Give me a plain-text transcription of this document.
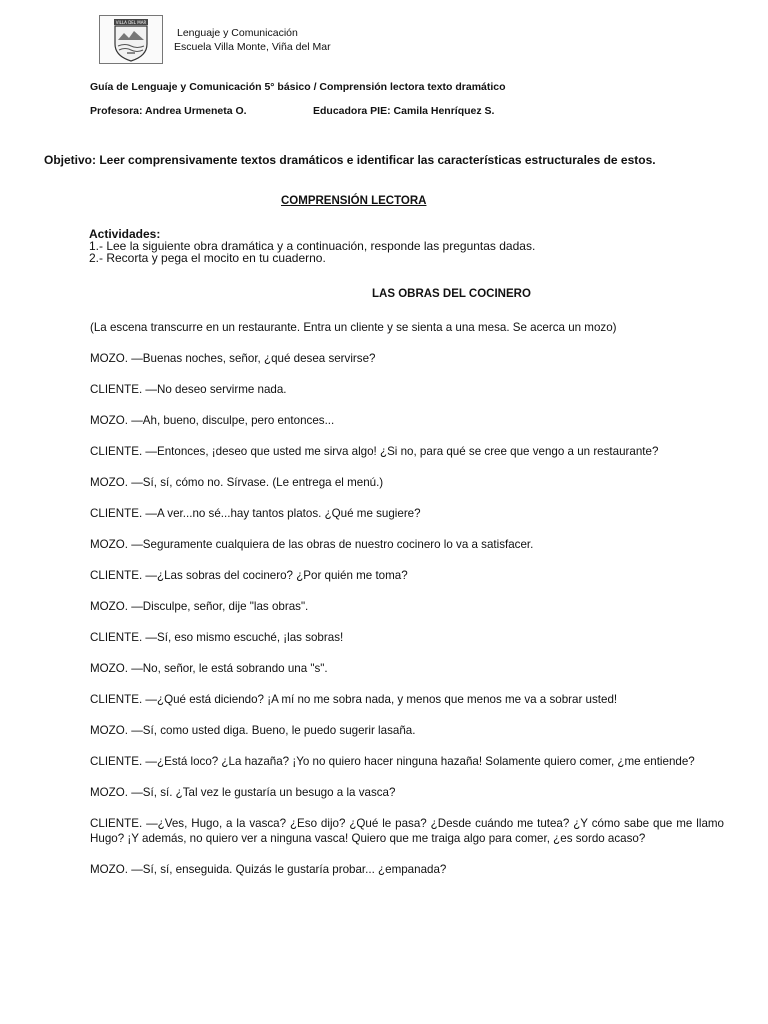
VILLA DEL MAR
Lenguaje y Comunicación
Escuela Villa Monte, Viña del Mar
Guía de Lenguaje y Comunicación 5° básico / Comprensión lectora texto dramático
Profesora: Andrea Urmeneta O.	Educadora PIE: Camila Henríquez S.
Objetivo: Leer comprensivamente textos dramáticos e identificar las características estructurales de estos.
COMPRENSIÓN LECTORA
Actividades:
1.- Lee la siguiente obra dramática y a continuación, responde las preguntas dadas.
2.- Recorta y pega el mocito en tu cuaderno.
LAS OBRAS DEL COCINERO

(La escena transcurre en un restaurante. Entra un cliente y se sienta a una mesa. Se acerca un mozo)

MOZO. —Buenas noches, señor, ¿qué desea servirse?

CLIENTE. —No deseo servirme nada.

MOZO. —Ah, bueno, disculpe, pero entonces...

CLIENTE. —Entonces, ¡deseo que usted me sirva algo! ¿Si no, para qué se cree que vengo a un restaurante?

MOZO. —Sí, sí, cómo no. Sírvase. (Le entrega el menú.)

CLIENTE. —A ver...no sé...hay tantos platos. ¿Qué me sugiere?

MOZO. —Seguramente cualquiera de las obras de nuestro cocinero lo va a satisfacer.

CLIENTE. —¿Las sobras del cocinero? ¿Por quién me toma?

MOZO. —Disculpe, señor, dije "las obras".

CLIENTE. —Sí, eso mismo escuché, ¡las sobras!

MOZO. —No, señor, le está sobrando una "s".

CLIENTE. —¿Qué está diciendo? ¡A mí no me sobra nada, y menos que menos me va a sobrar usted!

MOZO. —Sí, como usted diga. Bueno, le puedo sugerir lasaña.

CLIENTE. —¿Está loco? ¿La hazaña? ¡Yo no quiero hacer ninguna hazaña! Solamente quiero comer, ¿me entiende?

MOZO. —Sí, sí. ¿Tal vez le gustaría un besugo a la vasca?

CLIENTE. —¿Ves, Hugo, a la vasca? ¿Eso dijo? ¿Qué le pasa? ¿Desde cuándo me tutea? ¿Y cómo sabe que me llamo Hugo? ¡Y además, no quiero ver a ninguna vasca! Quiero que me traiga algo para comer, ¿es sordo acaso?

MOZO. —Sí, sí, enseguida. Quizás le gustaría probar... ¿empanada?
